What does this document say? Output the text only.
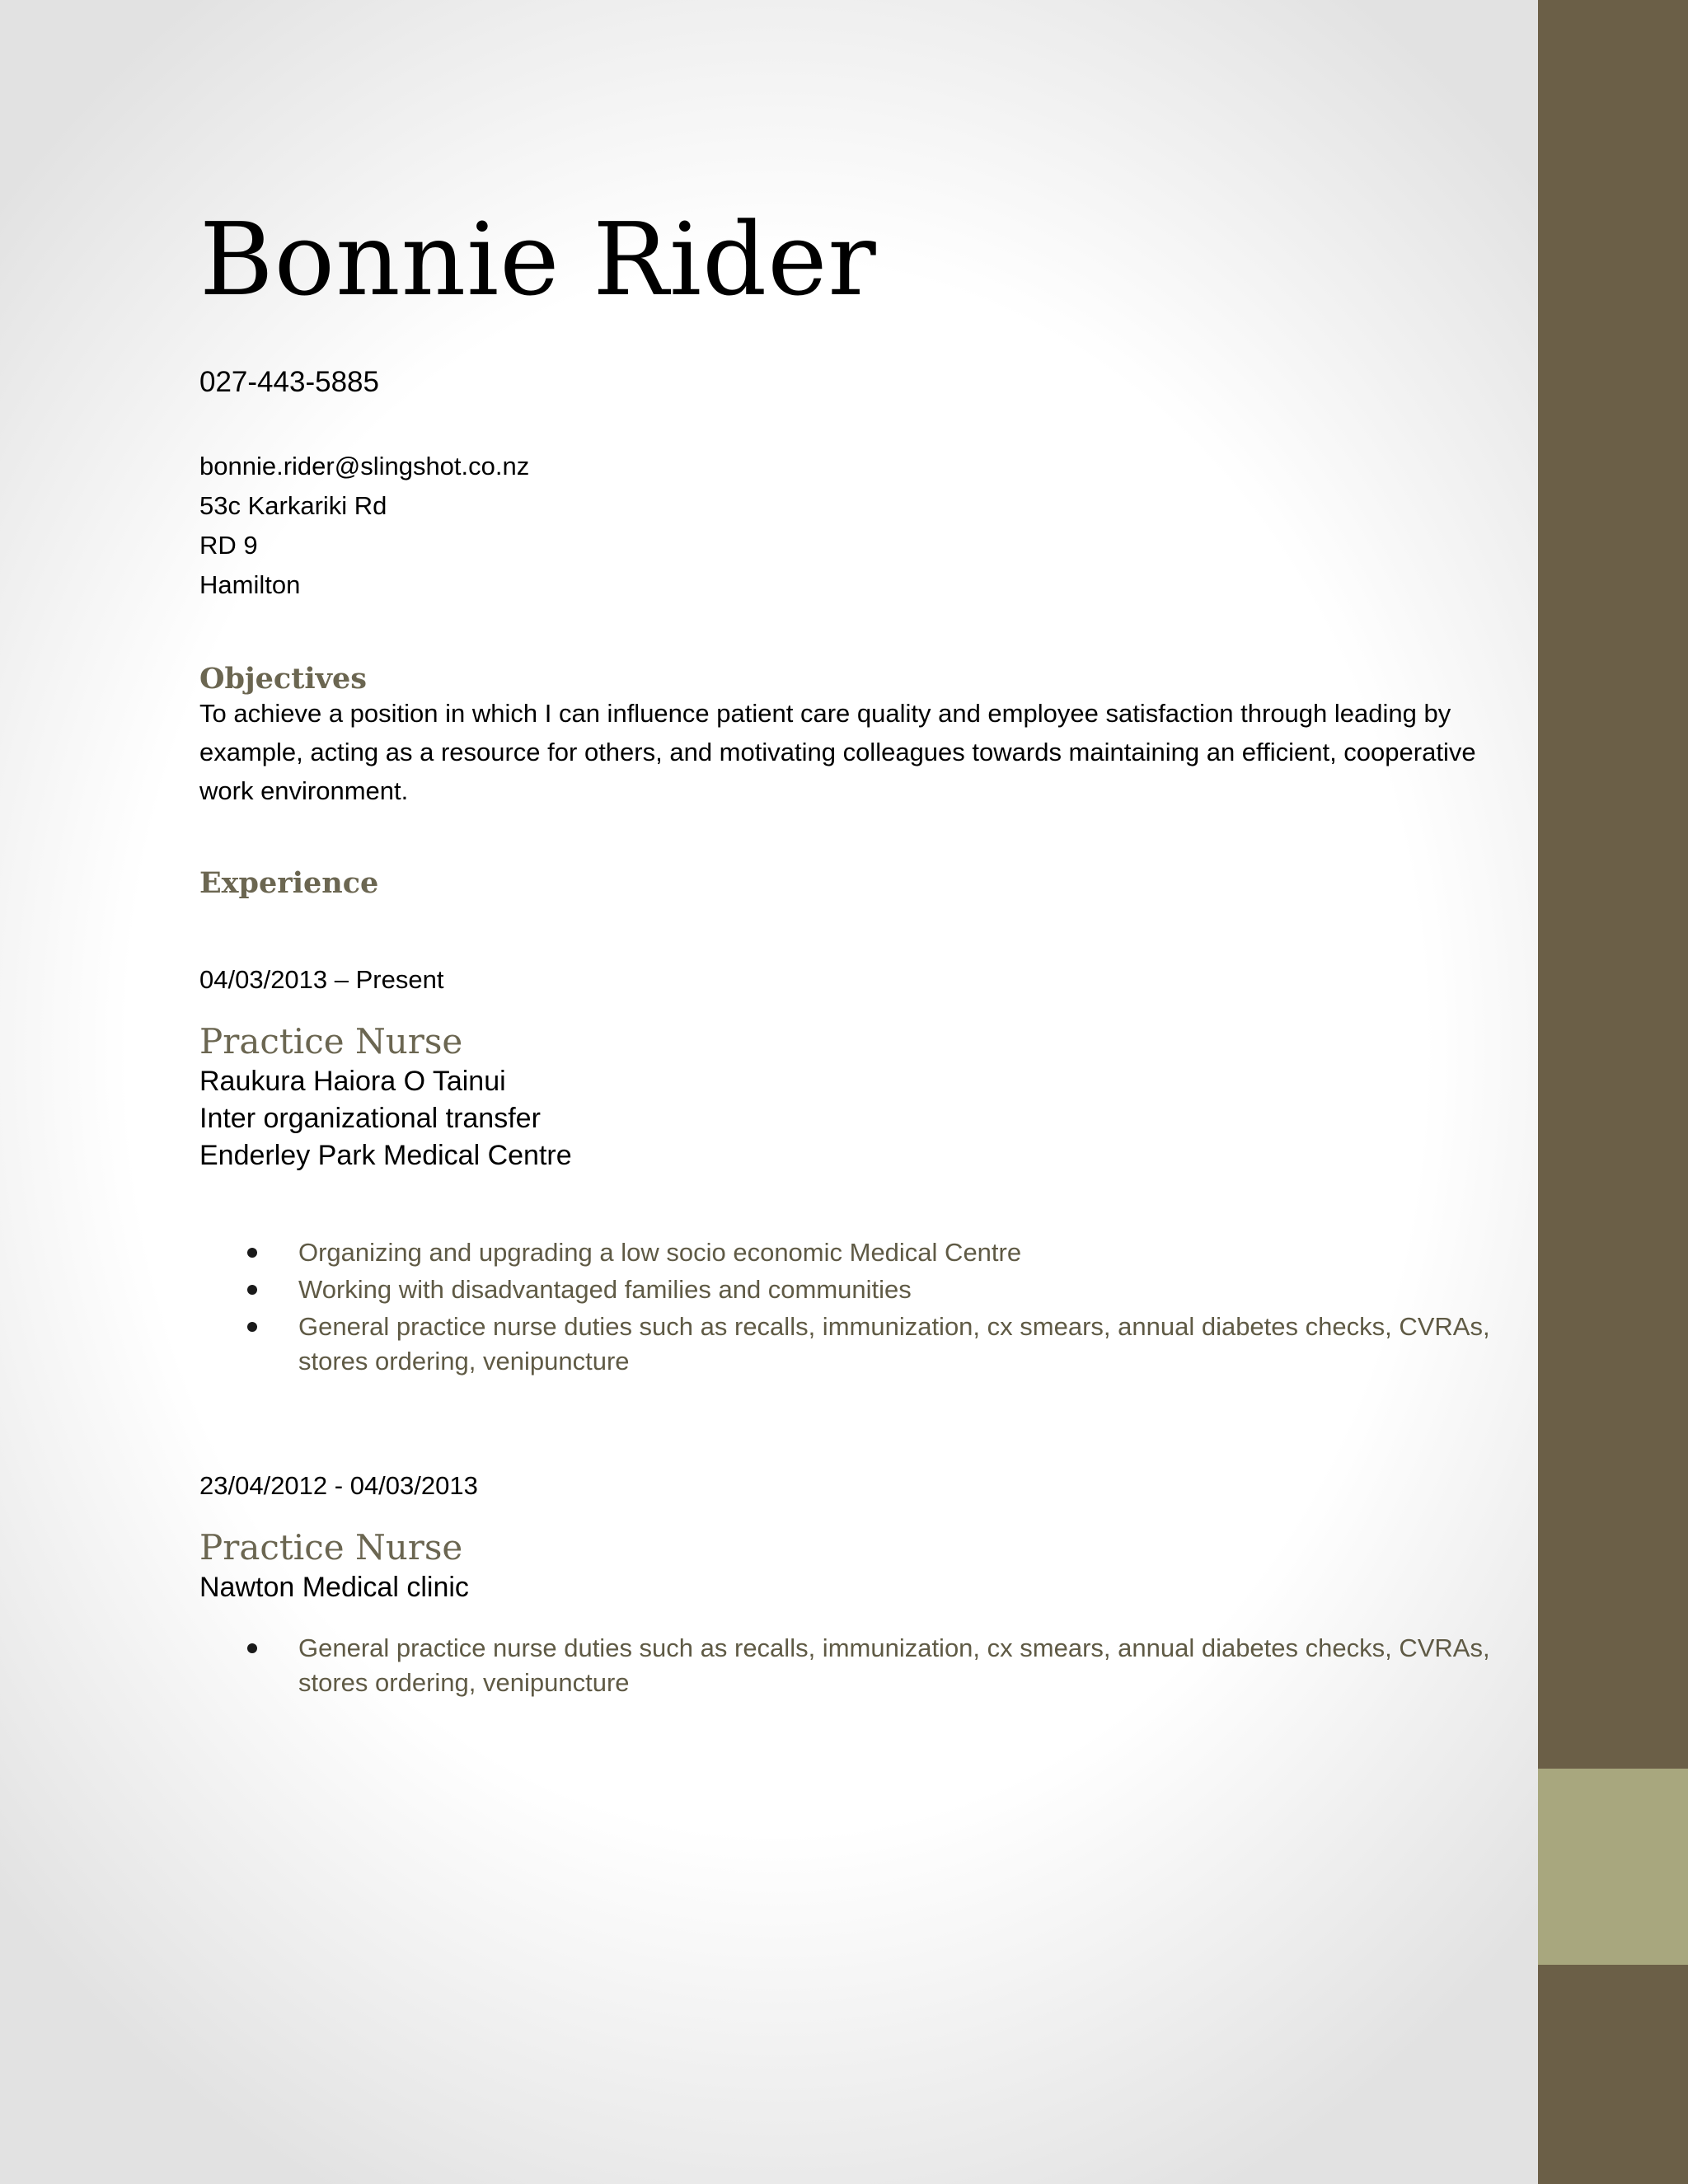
Bonnie Rider
027-443-5885
bonnie.rider@slingshot.co.nz
53c Karkariki Rd
RD 9
Hamilton
Objectives

To achieve a position in which I can influence patient care quality and employee satisfaction through leading by example, acting as a resource for others, and motivating colleagues towards maintaining an efficient, cooperative work environment.

Experience
04/03/2013 – Present
Practice Nurse
Raukura Haiora O Tainui
Inter organizational transfer
Enderley Park Medical Centre
Organizing and upgrading a low socio economic Medical Centre
Working with disadvantaged families and communities
General practice nurse duties such as recalls, immunization, cx smears, annual diabetes checks, CVRAs, stores ordering, venipuncture
23/04/2012 - 04/03/2013
Practice Nurse
Nawton Medical clinic
General practice nurse duties such as recalls, immunization, cx smears, annual diabetes checks, CVRAs, stores ordering, venipuncture
